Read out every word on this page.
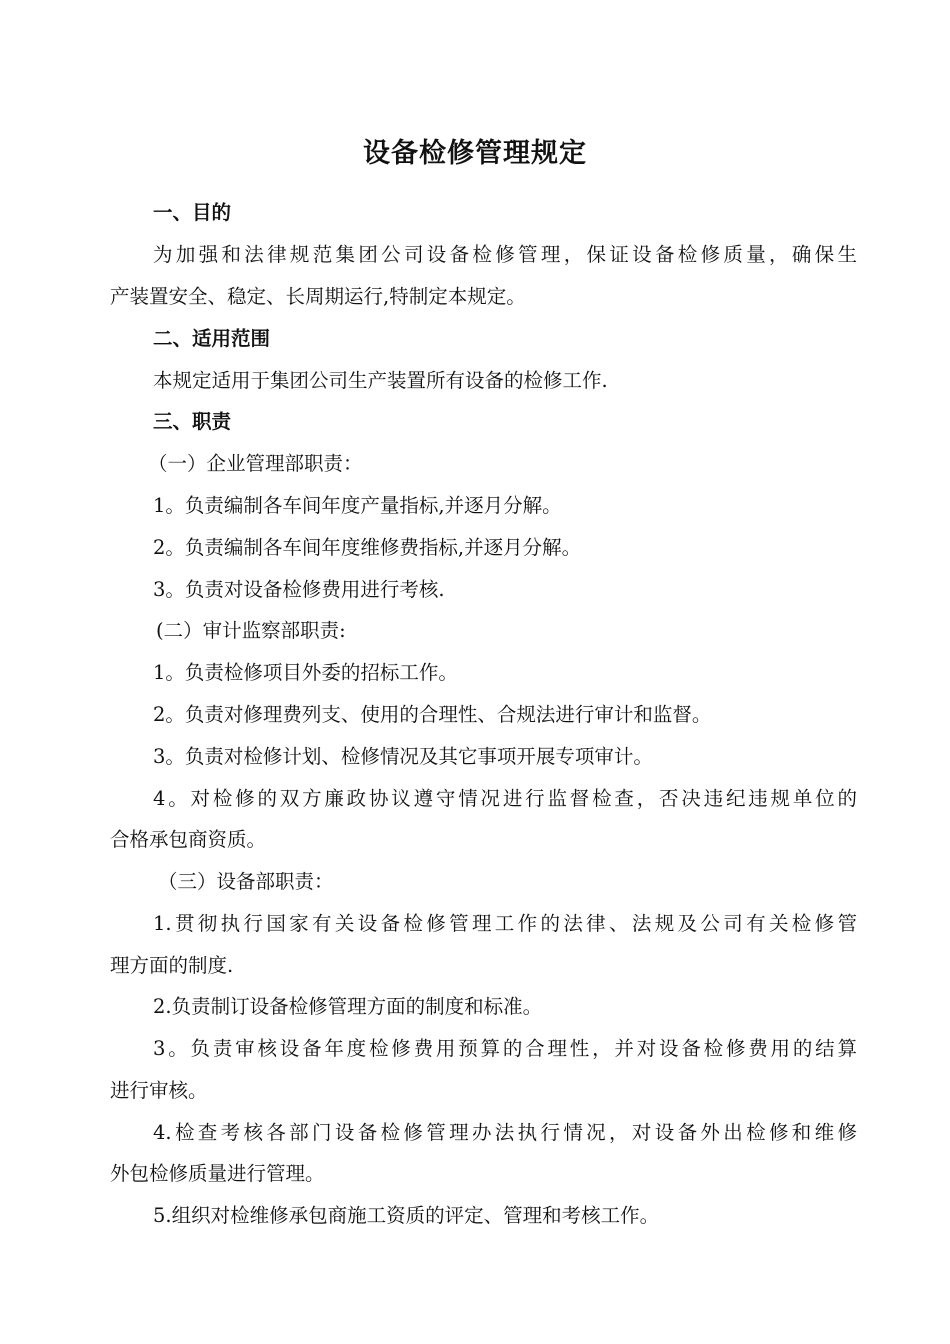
设备检修管理规定

一、目的

为加强和法律规范集团公司设备检修管理，保证设备检修质量，确保生

产装置安全、稳定、长周期运行,特制定本规定。

二、适用范围

本规定适用于集团公司生产装置所有设备的检修工作.

三、职责

（一）企业管理部职责：

1。负责编制各车间年度产量指标,并逐月分解。

2。负责编制各车间年度维修费指标,并逐月分解。

3。负责对设备检修费用进行考核.

(二）审计监察部职责:

1。负责检修项目外委的招标工作。

2。负责对修理费列支、使用的合理性、合规法进行审计和监督。

3。负责对检修计划、检修情况及其它事项开展专项审计。

4。对检修的双方廉政协议遵守情况进行监督检查，否决违纪违规单位的

合格承包商资质。

（三）设备部职责：

1.贯彻执行国家有关设备检修管理工作的法律、法规及公司有关检修管

理方面的制度.

2.负责制订设备检修管理方面的制度和标准。

3。负责审核设备年度检修费用预算的合理性，并对设备检修费用的结算

进行审核。

4.检查考核各部门设备检修管理办法执行情况，对设备外出检修和维修

外包检修质量进行管理。

5.组织对检维修承包商施工资质的评定、管理和考核工作。
